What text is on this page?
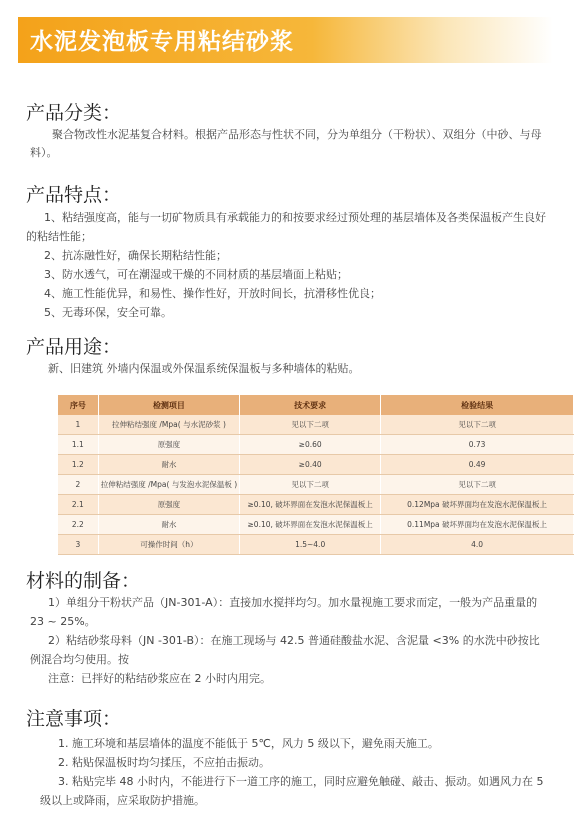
水泥发泡板专用粘结砂浆
产品分类：
聚合物改性水泥基复合材料。根据产品形态与性状不同，分为单组分（干粉状）、双组分（中砂、与母料）。
产品特点：
1、粘结强度高，能与一切矿物质具有承载能力的和按要求经过预处理的基层墙体及各类保温板产生良好的粘结性能；
2、抗冻融性好，确保长期粘结性能；
3、防水透气，可在潮湿或干燥的不同材质的基层墙面上粘贴；
4、施工性能优异，和易性、操作性好，开放时间长，抗滑移性优良；
5、无毒环保，安全可靠。
产品用途：
新、旧建筑 外墙内保温或外保温系统保温板与多种墙体的粘贴。
序号	检测项目	技术要求	检验结果
1	拉伸粘结强度 /Mpa( 与水泥砂浆 )	见以下二项	见以下二项
1.1	原强度	≥0.60	0.73
1.2	耐水	≥0.40	0.49
2	拉伸粘结强度 /Mpa( 与发泡水泥保温板 )	见以下二项	见以下二项
2.1	原强度	≥0.10, 破坏界面在发泡水泥保温板上	0.12Mpa 破坏界面均在发泡水泥保温板上
2.2	耐水	≥0.10, 破坏界面在发泡水泥保温板上	0.11Mpa 破坏界面均在发泡水泥保温板上
3	可操作时间（h）	1.5~4.0	4.0
材料的制备：
1）单组分干粉状产品（JN-301-A）：直接加水搅拌均匀。加水量视施工要求而定，一般为产品重量的 23 ~ 25%。
2）粘结砂浆母料（JN -301-B）：在施工现场与 42.5 普通硅酸盐水泥、含泥量 <3% 的水洗中砂按比例混合均匀使用。按
注意：已拌好的粘结砂浆应在 2 小时内用完。
注意事项：
1. 施工环境和基层墙体的温度不能低于 5℃，风力 5 级以下，避免雨天施工。
2. 粘贴保温板时均匀揉压，不应拍击振动。
3. 粘贴完毕 48 小时内，不能进行下一道工序的施工，同时应避免触碰、敲击、振动。如遇风力在 5 级以上或降雨，应采取防护措施。
